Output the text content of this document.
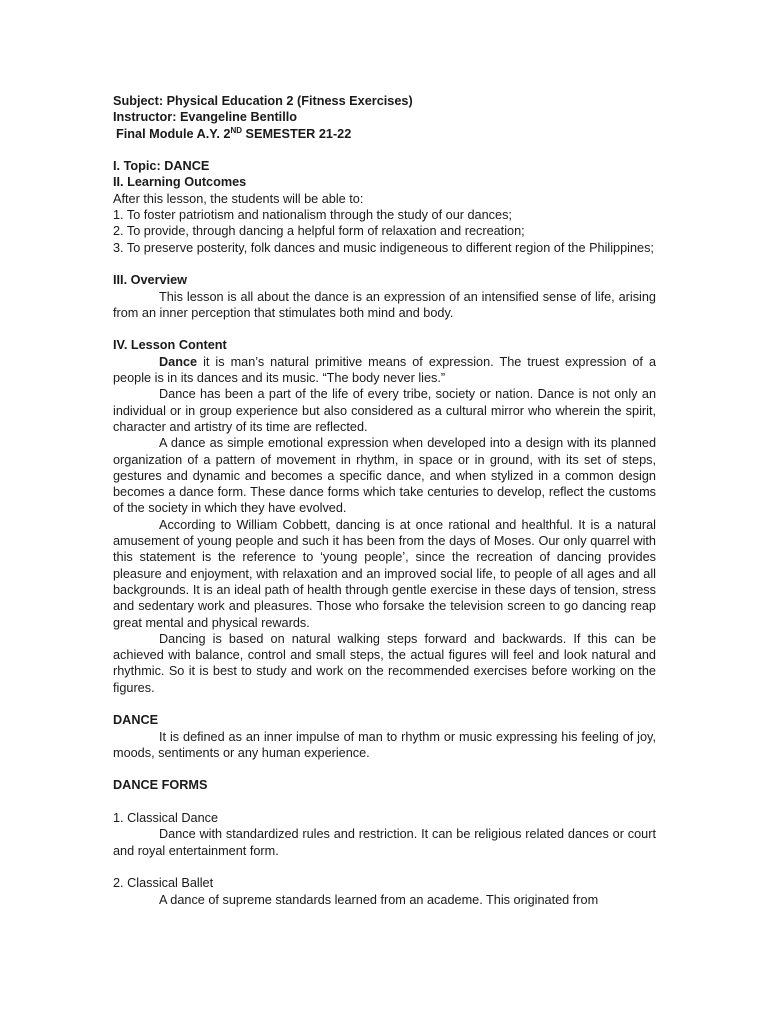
Subject: Physical Education 2 (Fitness Exercises)
Instructor: Evangeline Bentillo
Final Module A.Y. 2ND SEMESTER 21-22
I. Topic: DANCE
II. Learning Outcomes
After this lesson, the students will be able to:

1. To foster patriotism and nationalism through the study of our dances;

2. To provide, through dancing a helpful form of relaxation and recreation;

3. To preserve posterity, folk dances and music indigeneous to different region of the Philippines;

III. Overview

This lesson is all about the dance is an expression of an intensified sense of life, arising from an inner perception that stimulates both mind and body.

IV. Lesson Content

Dance it is man’s natural primitive means of expression. The truest expression of a people is in its dances and its music. “The body never lies.”

Dance has been a part of the life of every tribe, society or nation. Dance is not only an individual or in group experience but also considered as a cultural mirror who wherein the spirit, character and artistry of its time are reflected.

A dance as simple emotional expression when developed into a design with its planned organization of a pattern of movement in rhythm, in space or in ground, with its set of steps, gestures and dynamic and becomes a specific dance, and when stylized in a common design becomes a dance form. These dance forms which take centuries to develop, reflect the customs of the society in which they have evolved.

According to William Cobbett, dancing is at once rational and healthful. It is a natural amusement of young people and such it has been from the days of Moses. Our only quarrel with this statement is the reference to ‘young people’, since the recreation of dancing provides pleasure and enjoyment, with relaxation and an improved social life, to people of all ages and all backgrounds. It is an ideal path of health through gentle exercise in these days of tension, stress and sedentary work and pleasures. Those who forsake the television screen to go dancing reap great mental and physical rewards.

Dancing is based on natural walking steps forward and backwards. If this can be achieved with balance, control and small steps, the actual figures will feel and look natural and rhythmic. So it is best to study and work on the recommended exercises before working on the figures.

DANCE

It is defined as an inner impulse of man to rhythm or music expressing his feeling of joy, moods, sentiments or any human experience.

DANCE FORMS
1. Classical Dance

Dance with standardized rules and restriction. It can be religious related dances or court and royal entertainment form.

2. Classical Ballet

A dance of supreme standards learned from an academe. This originated from
